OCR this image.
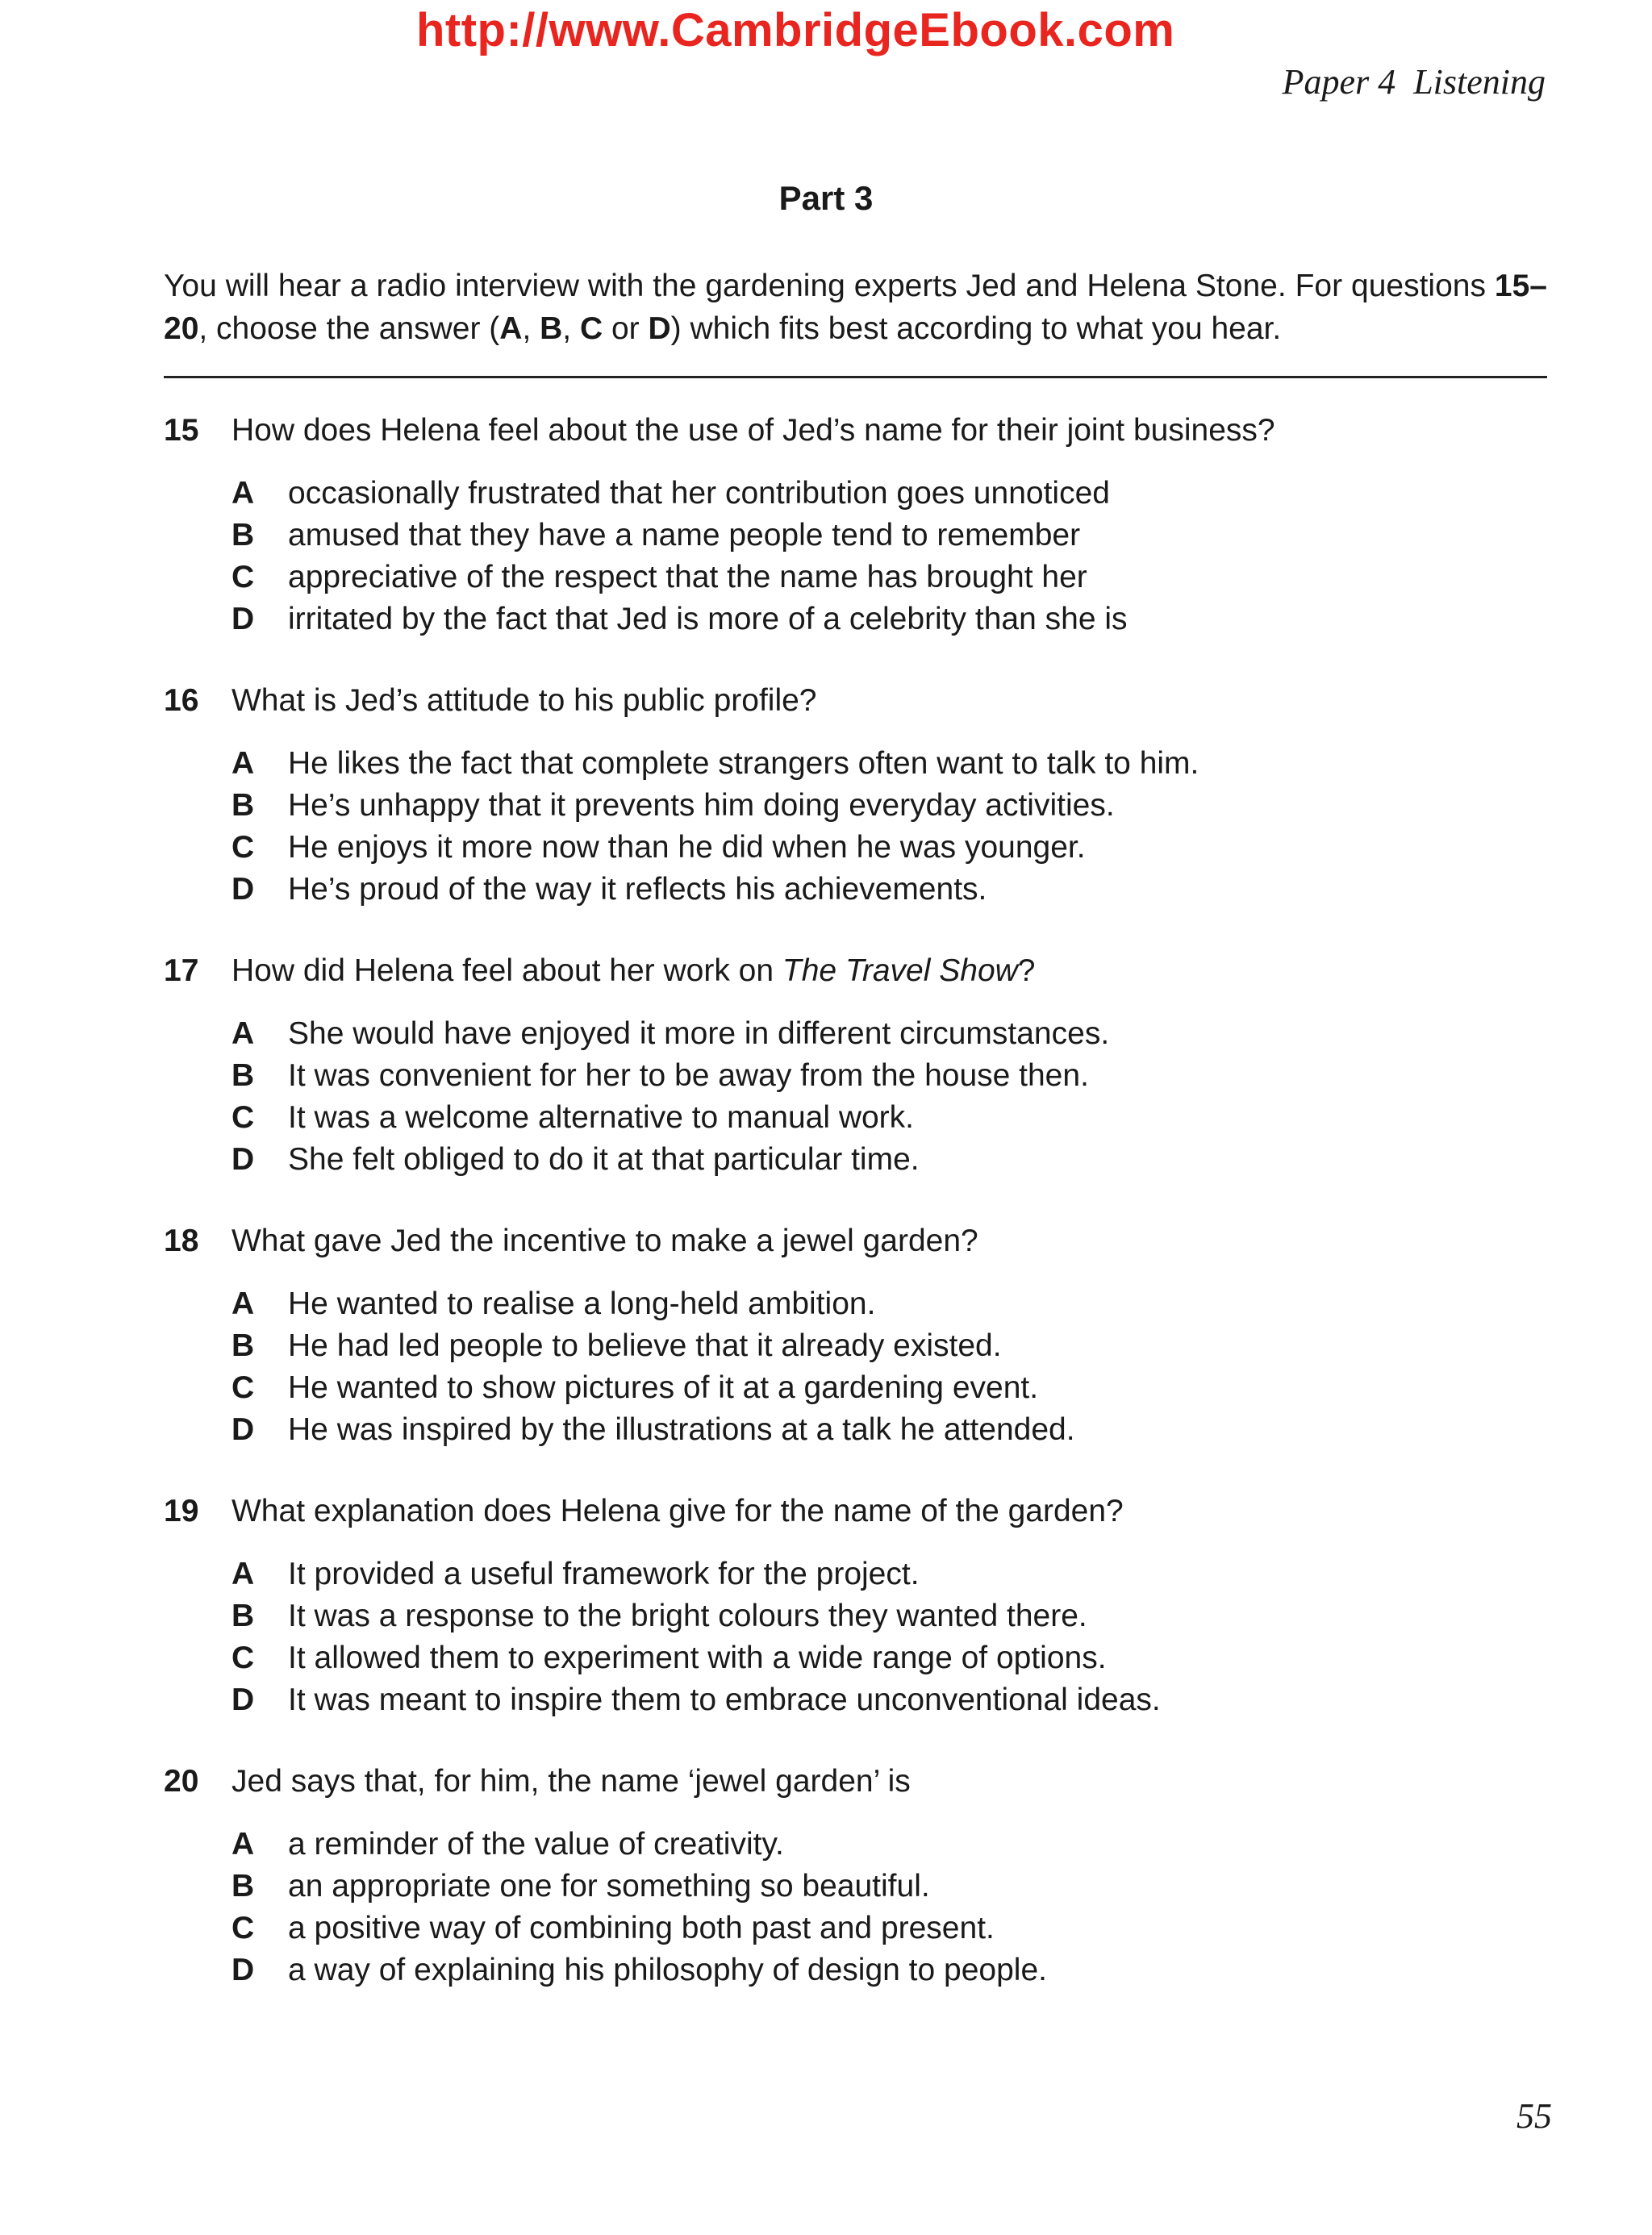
http://www.CambridgeEbook.com
Paper 4 Listening
Part 3
You will hear a radio interview with the gardening experts Jed and Helena Stone. For questions 15–20, choose the answer (A, B, C or D) which fits best according to what you hear.
15 How does Helena feel about the use of Jed’s name for their joint business?
A	occasionally frustrated that her contribution goes unnoticed
B	amused that they have a name people tend to remember
C	appreciative of the respect that the name has brought her
D	irritated by the fact that Jed is more of a celebrity than she is
16 What is Jed’s attitude to his public profile?
A	He likes the fact that complete strangers often want to talk to him.
B	He’s unhappy that it prevents him doing everyday activities.
C	He enjoys it more now than he did when he was younger.
D	He’s proud of the way it reflects his achievements.
17 How did Helena feel about her work on The Travel Show?
A	She would have enjoyed it more in different circumstances.
B	It was convenient for her to be away from the house then.
C	It was a welcome alternative to manual work.
D	She felt obliged to do it at that particular time.
18 What gave Jed the incentive to make a jewel garden?
A	He wanted to realise a long-held ambition.
B	He had led people to believe that it already existed.
C	He wanted to show pictures of it at a gardening event.
D	He was inspired by the illustrations at a talk he attended.
19 What explanation does Helena give for the name of the garden?
A	It provided a useful framework for the project.
B	It was a response to the bright colours they wanted there.
C	It allowed them to experiment with a wide range of options.
D	It was meant to inspire them to embrace unconventional ideas.
20 Jed says that, for him, the name ‘jewel garden’ is
A	a reminder of the value of creativity.
B	an appropriate one for something so beautiful.
C	a positive way of combining both past and present.
D	a way of explaining his philosophy of design to people.
55
